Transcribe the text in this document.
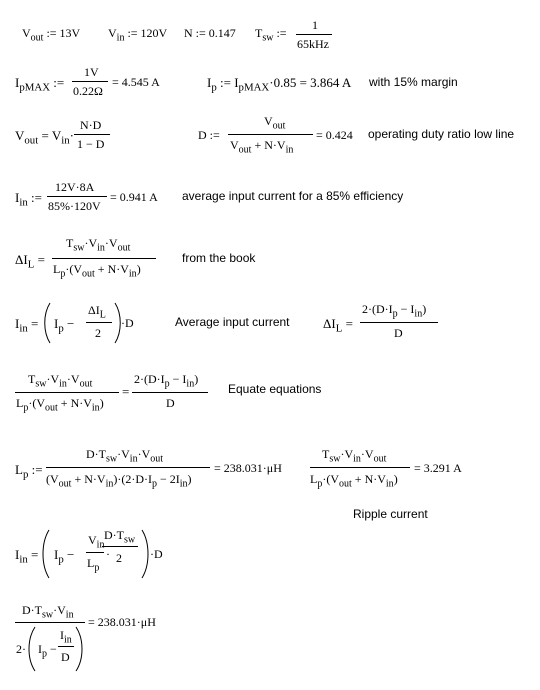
$V_{out}$ := 13V $V_{in}$ := 120V N := 0.147 $T_{sw}$ :=
1
65kHz
$I_{pMAX}$ :=
1V
0.22Ω
= 4.545 A	$I_p$ := $I_{pMAX}\cdot 0.85 = 3.864$ A with 15% margin
$V_{out} = V_{in}\cdot$
N·D
1 − D
D :=
$V_{out}$
$V_{out} + N\cdot V_{in}$
= 0.424 operating duty ratio low line
$I_{in}$ :=
12V·8A
85%·120V
= 0.941 A average input current for a 85% efficiency
$\Delta I_L$ =
$T_{sw}\cdot V_{in}\cdot V_{out}$
$L_p\cdot(V_{out} + N\cdot V_{in})$
from the book
$I_{in} = I_p$ −
$\Delta I_L$
2
·D	Average input current	$\Delta I_L$ =
$2\cdot(D\cdot I_p - I_{in})$
D
$T_{sw}\cdot V_{in}\cdot V_{out}$
$L_p\cdot(V_{out} + N\cdot V_{in})$
=
$2\cdot(D\cdot I_p - I_{in})$
D
Equate equations
$L_p$ :=
$D\cdot T_{sw}\cdot V_{in}\cdot V_{out}$
$(V_{out} + N\cdot V_{in})\cdot(2\cdot D\cdot I_p - 2I_{in})$
= 238.031·μH
$T_{sw}\cdot V_{in}\cdot V_{out}$
$L_p\cdot(V_{out} + N\cdot V_{in})$
= 3.291 A
Ripple current
$I_{in} = I_p$ −
$V_{in}$
$L_p$
·
$D\cdot T_{sw}$
2 ·D
$D\cdot T_{sw}\cdot V_{in}$
$2\cdot I_p$ −
$I_{in}$
D
= 238.031·μH
